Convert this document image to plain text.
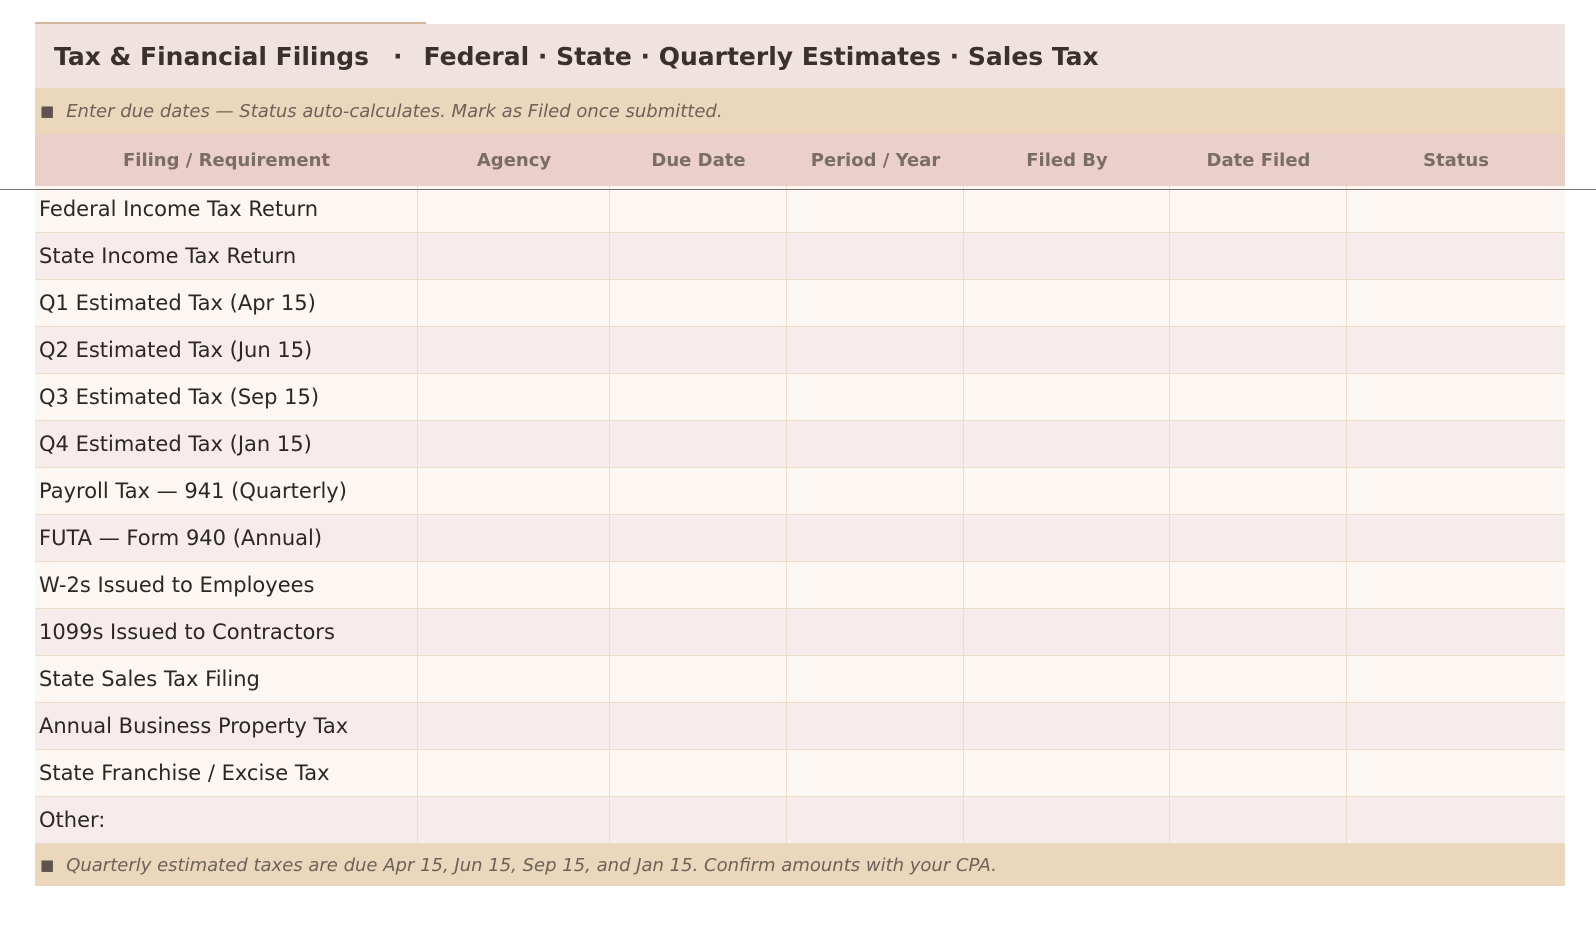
Tax & Financial Filings · Federal · State · Quarterly Estimates · Sales Tax
■ Enter due dates — Status auto-calculates. Mark as Filed once submitted.
Filing / Requirement	Agency	Due Date	Period / Year	Filed By	Date Filed	Status
Federal Income Tax Return
State Income Tax Return
Q1 Estimated Tax (Apr 15)
Q2 Estimated Tax (Jun 15)
Q3 Estimated Tax (Sep 15)
Q4 Estimated Tax (Jan 15)
Payroll Tax — 941 (Quarterly)
FUTA — Form 940 (Annual)
W-2s Issued to Employees
1099s Issued to Contractors
State Sales Tax Filing
Annual Business Property Tax
State Franchise / Excise Tax
Other:
■ Quarterly estimated taxes are due Apr 15, Jun 15, Sep 15, and Jan 15. Confirm amounts with your CPA.
